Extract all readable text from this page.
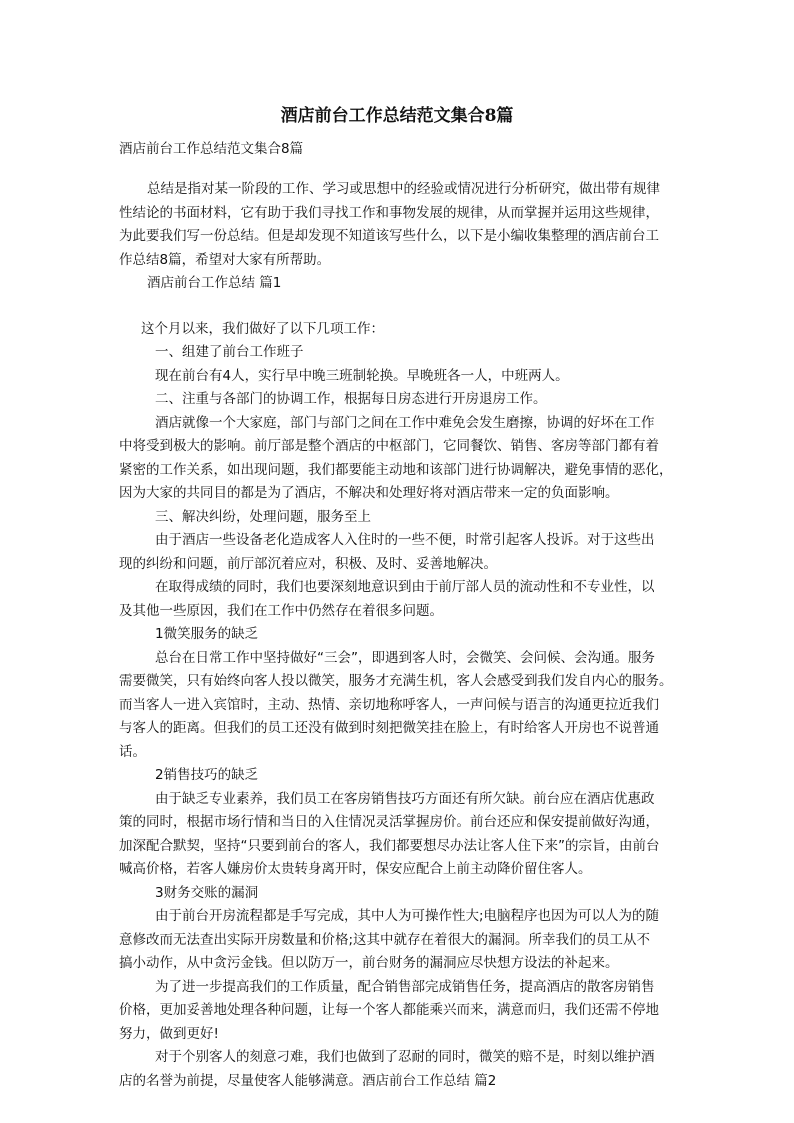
酒店前台工作总结范文集合8篇
酒店前台工作总结范文集合8篇
总结是指对某一阶段的工作、学习或思想中的经验或情况进行分析研究，做出带有规律
性结论的书面材料，它有助于我们寻找工作和事物发展的规律，从而掌握并运用这些规律，
为此要我们写一份总结。但是却发现不知道该写些什么，以下是小编收集整理的酒店前台工
作总结8篇，希望对大家有所帮助。
酒店前台工作总结 篇1
这个月以来，我们做好了以下几项工作：
一、组建了前台工作班子
现在前台有4人，实行早中晚三班制轮换。早晚班各一人，中班两人。
二、注重与各部门的协调工作，根据每日房态进行开房退房工作。
酒店就像一个大家庭，部门与部门之间在工作中难免会发生磨擦，协调的好坏在工作
中将受到极大的影响。前厅部是整个酒店的中枢部门，它同餐饮、销售、客房等部门都有着
紧密的工作关系，如出现问题，我们都要能主动地和该部门进行协调解决，避免事情的恶化，
因为大家的共同目的都是为了酒店，不解决和处理好将对酒店带来一定的负面影响。
三、解决纠纷，处理问题，服务至上
由于酒店一些设备老化造成客人入住时的一些不便，时常引起客人投诉。对于这些出
现的纠纷和问题，前厅部沉着应对，积极、及时、妥善地解决。
在取得成绩的同时，我们也要深刻地意识到由于前厅部人员的流动性和不专业性，以
及其他一些原因，我们在工作中仍然存在着很多问题。
1微笑服务的缺乏
总台在日常工作中坚持做好“三会”，即遇到客人时，会微笑、会问候、会沟通。服务
需要微笑，只有始终向客人投以微笑，服务才充满生机，客人会感受到我们发自内心的服务。
而当客人一进入宾馆时，主动、热情、亲切地称呼客人，一声问候与语言的沟通更拉近我们
与客人的距离。但我们的员工还没有做到时刻把微笑挂在脸上，有时给客人开房也不说普通
话。
2销售技巧的缺乏
由于缺乏专业素养，我们员工在客房销售技巧方面还有所欠缺。前台应在酒店优惠政
策的同时，根据市场行情和当日的入住情况灵活掌握房价。前台还应和保安提前做好沟通，
加深配合默契，坚持“只要到前台的客人，我们都要想尽办法让客人住下来”的宗旨，由前台
喊高价格，若客人嫌房价太贵转身离开时，保安应配合上前主动降价留住客人。
3财务交账的漏洞
由于前台开房流程都是手写完成，其中人为可操作性大;电脑程序也因为可以人为的随
意修改而无法查出实际开房数量和价格;这其中就存在着很大的漏洞。所幸我们的员工从不
搞小动作，从中贪污金钱。但以防万一，前台财务的漏洞应尽快想方设法的补起来。
为了进一步提高我们的工作质量，配合销售部完成销售任务，提高酒店的散客房销售
价格，更加妥善地处理各种问题，让每一个客人都能乘兴而来，满意而归，我们还需不停地
努力，做到更好!
对于个别客人的刻意刁难，我们也做到了忍耐的同时，微笑的赔不是，时刻以维护酒
店的名誉为前提，尽量使客人能够满意。酒店前台工作总结 篇2
